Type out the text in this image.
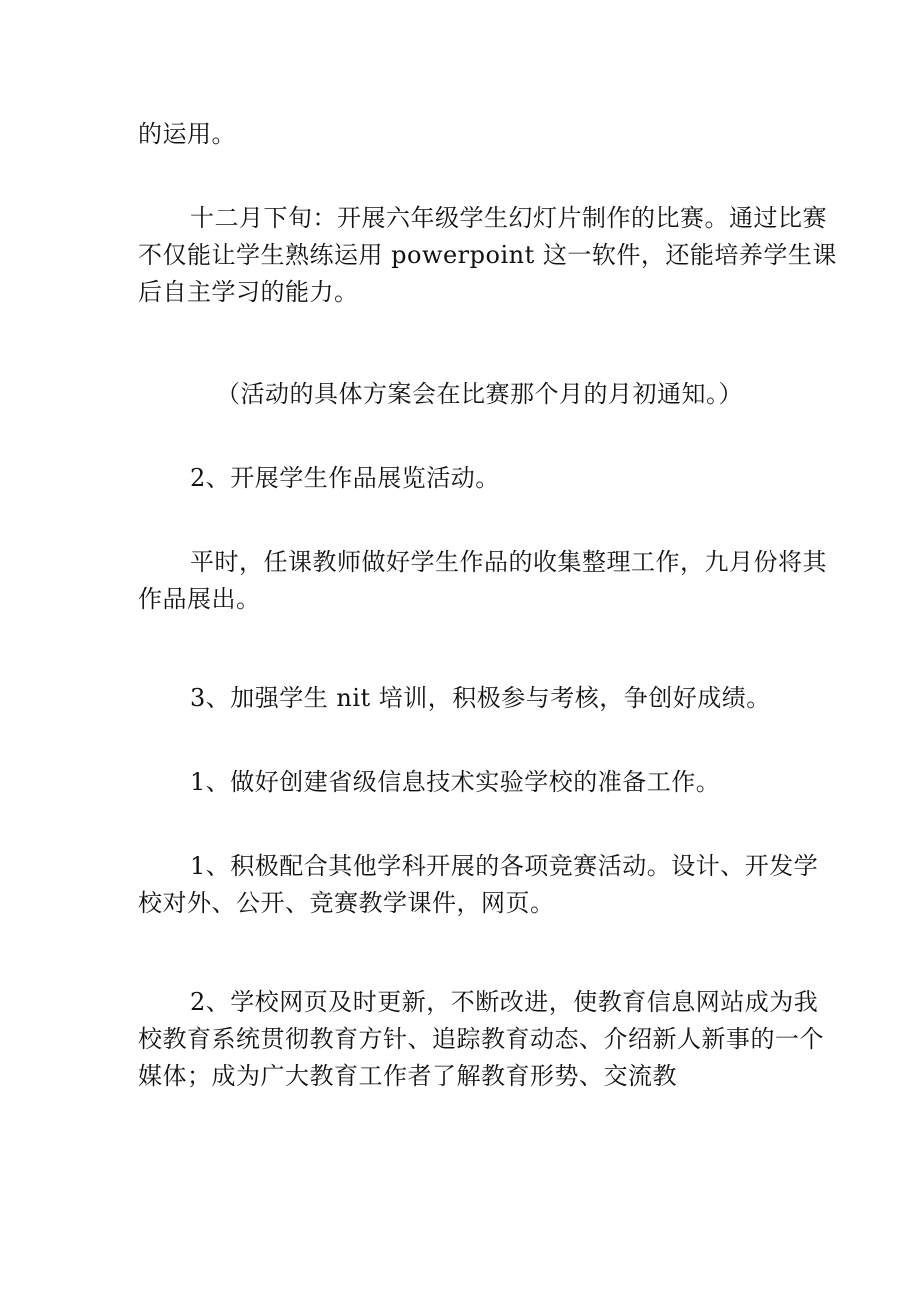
的运用。

十二月下旬：开展六年级学生幻灯片制作的比赛。通过比赛
不仅能让学生熟练运用 powerpoint 这一软件，还能培养学生课
后自主学习的能力。

（活动的具体方案会在比赛那个月的月初通知。）

2、开展学生作品展览活动。

平时，任课教师做好学生作品的收集整理工作，九月份将其
作品展出。

3、加强学生 nit 培训，积极参与考核，争创好成绩。

1、做好创建省级信息技术实验学校的准备工作。

1、积极配合其他学科开展的各项竞赛活动。设计、开发学
校对外、公开、竞赛教学课件，网页。

2、学校网页及时更新，不断改进，使教育信息网站成为我
校教育系统贯彻教育方针、追踪教育动态、介绍新人新事的一个
媒体；成为广大教育工作者了解教育形势、交流教
